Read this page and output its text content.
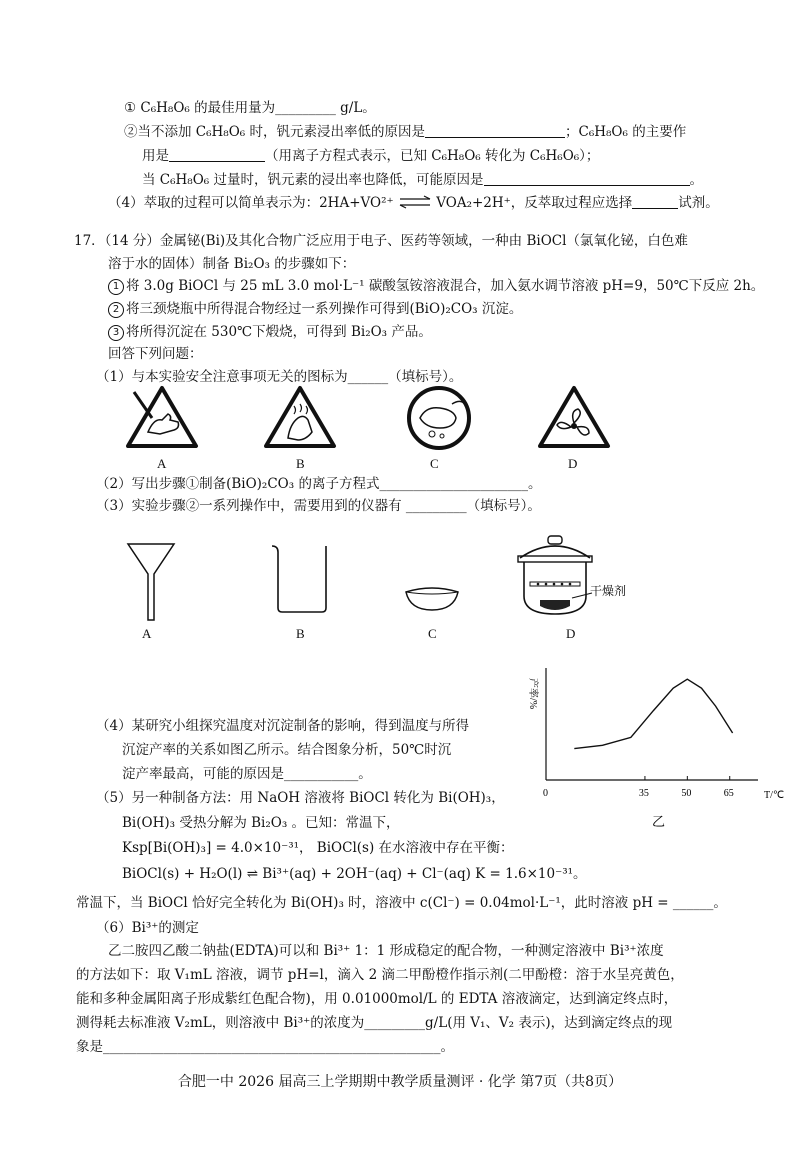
① C₆H₈O₆ 的最佳用量为_________ g/L。
②当不添加 C₆H₈O₆ 时，钒元素浸出率低的原因是	；C₆H₈O₆ 的主要作
用是	（用离子方程式表示，已知 C₆H₈O₆ 转化为 C₆H₆O₆）；
当 C₆H₈O₆ 过量时，钒元素的浸出率也降低，可能原因是	。
（4）萃取的过程可以简单表示为：2HA+VO²⁺ ⇌ VOA₂+2H⁺，反萃取过程应选择	试剂。
17．（14 分）金属铋(Bi)及其化合物广泛应用于电子、医药等领域，一种由 BiOCl（氯氧化铋，白色难
溶于水的固体）制备 Bi₂O₃ 的步骤如下：
1 将 3.0g BiOCl 与 25 mL 3.0 mol·L⁻¹ 碳酸氢铵溶液混合，加入氨水调节溶液 pH=9，50℃下反应 2h。
2 将三颈烧瓶中所得混合物经过一系列操作可得到(BiO)₂CO₃ 沉淀。
3 将所得沉淀在 530℃下煅烧，可得到 Bi₂O₃ 产品。
回答下列问题：
（1）与本实验安全注意事项无关的图标为______（填标号）。
A	B	C	D
（2）写出步骤①制备(BiO)₂CO₃ 的离子方程式______________________。
（3）实验步骤②一系列操作中，需要用到的仪器有 _________（填标号）。
A	B	C
干燥剂
D
产率/%
0	35	50	65	T/℃
乙
（4）某研究小组探究温度对沉淀制备的影响，得到温度与所得
沉淀产率的关系如图乙所示。结合图象分析，50℃时沉
淀产率最高，可能的原因是___________。
（5）另一种制备方法：用 NaOH 溶液将 BiOCl 转化为 Bi(OH)₃，
Bi(OH)₃ 受热分解为 Bi₂O₃ 。已知：常温下，
Ksp[Bi(OH)₃] = 4.0×10⁻³¹， BiOCl(s) 在水溶液中存在平衡：
BiOCl(s) + H₂O(l) ⇌ Bi³⁺(aq) + 2OH⁻(aq) + Cl⁻(aq) K = 1.6×10⁻³¹。
常温下，当 BiOCl 恰好完全转化为 Bi(OH)₃ 时，溶液中 c(Cl⁻) = 0.04mol·L⁻¹，此时溶液 pH = ______。
（6）Bi³⁺的测定
乙二胺四乙酸二钠盐(EDTA)可以和 Bi³⁺ 1：1 形成稳定的配合物，一种测定溶液中 Bi³⁺浓度
的方法如下：取 V₁mL 溶液，调节 pH=l，滴入 2 滴二甲酚橙作指示剂(二甲酚橙：溶于水呈亮黄色，
能和多种金属阳离子形成紫红色配合物)，用 0.01000mol/L 的 EDTA 溶液滴定，达到滴定终点时，
测得耗去标准液 V₂mL，则溶液中 Bi³⁺的浓度为_________g/L(用 V₁、V₂ 表示)，达到滴定终点的现
象是__________________________________________________。
合肥一中 2026 届高三上学期期中教学质量测评 · 化学 第7页（共8页）
